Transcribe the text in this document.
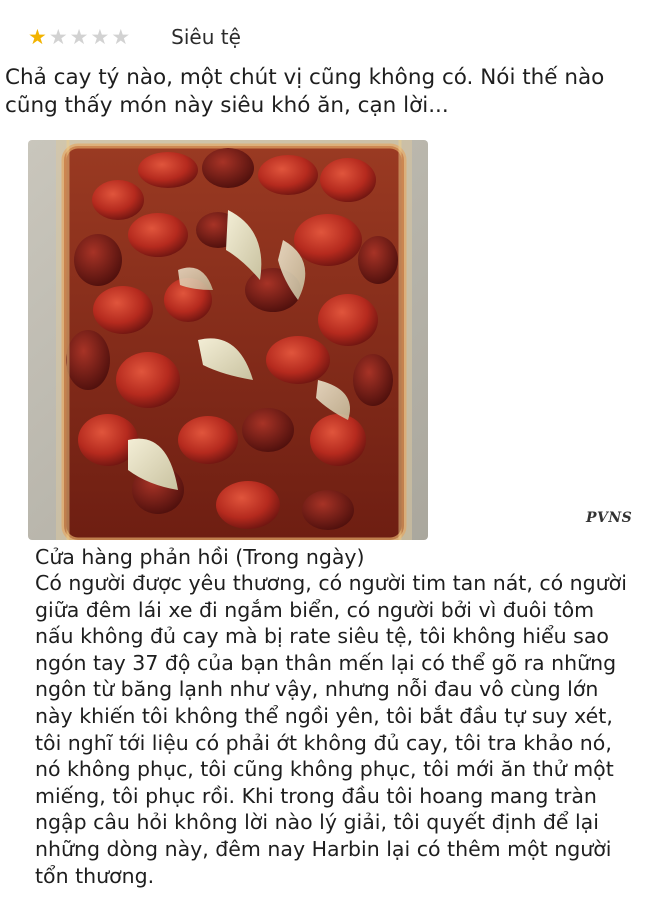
★ ★ ★ ★ ★ Siêu tệ

Chả cay tý nào, một chút vị cũng không có. Nói thế nào cũng thấy món này siêu khó ăn, cạn lời...

PVNS
Cửa hàng phản hồi (Trong ngày)

Có người được yêu thương, có người tim tan nát, có người giữa đêm lái xe đi ngắm biển, có người bởi vì đuôi tôm nấu không đủ cay mà bị rate siêu tệ, tôi không hiểu sao ngón tay 37 độ của bạn thân mến lại có thể gõ ra những ngôn từ băng lạnh như vậy, nhưng nỗi đau vô cùng lớn này khiến tôi không thể ngồi yên, tôi bắt đầu tự suy xét, tôi nghĩ tới liệu có phải ớt không đủ cay, tôi tra khảo nó, nó không phục, tôi cũng không phục, tôi mới ăn thử một miếng, tôi phục rồi. Khi trong đầu tôi hoang mang tràn ngập câu hỏi không lời nào lý giải, tôi quyết định để lại những dòng này, đêm nay Harbin lại có thêm một người tổn thương.
